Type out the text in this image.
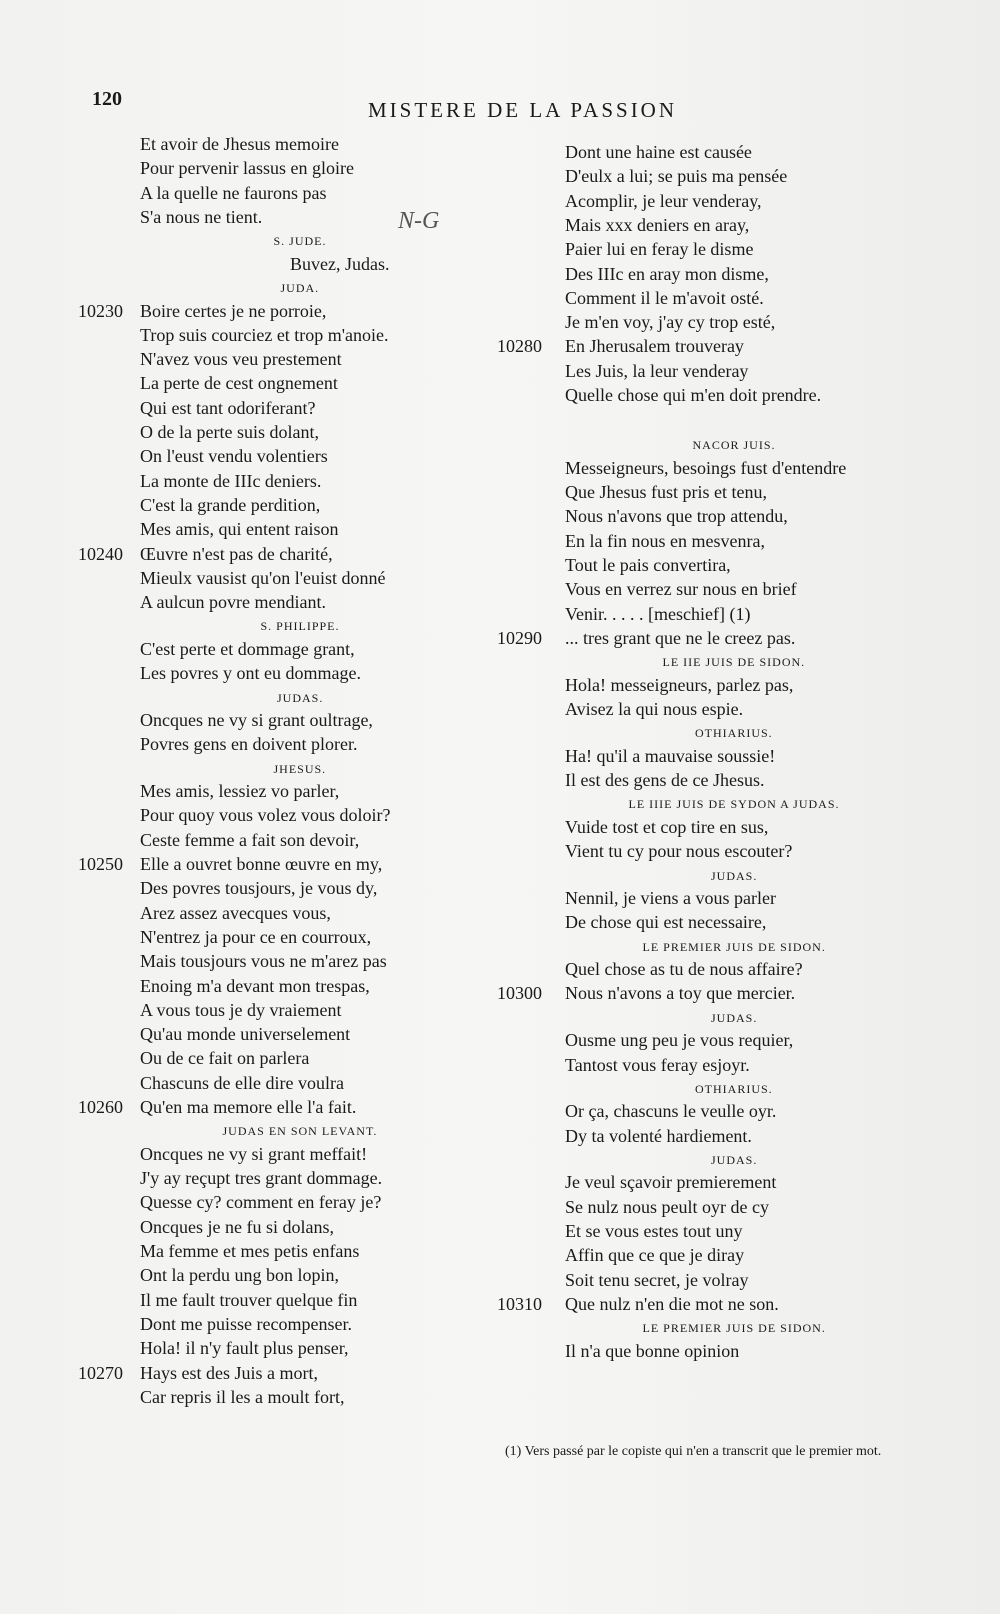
120	MISTERE DE LA PASSION
N-G
Et avoir de Jhesus memoire
Pour pervenir lassus en gloire
A la quelle ne faurons pas
S'a nous ne tient.
S. JUDE.
Buvez, Judas.
JUDA.
10230 Boire certes je ne porroie,
Trop suis courciez et trop m'anoie.
N'avez vous veu prestement
La perte de cest ongnement
Qui est tant odoriferant?
O de la perte suis dolant,
On l'eust vendu volentiers
La monte de IIIc deniers.
C'est la grande perdition,
Mes amis, qui entent raison
10240 Œuvre n'est pas de charité,
Mieulx vausist qu'on l'euist donné
A aulcun povre mendiant.
S. PHILIPPE.
C'est perte et dommage grant,
Les povres y ont eu dommage.
JUDAS.
Oncques ne vy si grant oultrage,
Povres gens en doivent plorer.
JHESUS.
Mes amis, lessiez vo parler,
Pour quoy vous volez vous doloir?
Ceste femme a fait son devoir,
10250 Elle a ouvret bonne œuvre en my,
Des povres tousjours, je vous dy,
Arez assez avecques vous,
N'entrez ja pour ce en courroux,
Mais tousjours vous ne m'arez pas
Enoing m'a devant mon trespas,
A vous tous je dy vraiement
Qu'au monde universelement
Ou de ce fait on parlera
Chascuns de elle dire voulra
10260 Qu'en ma memore elle l'a fait.
JUDAS EN SON LEVANT.
Oncques ne vy si grant meffait!
J'y ay reçupt tres grant dommage.
Quesse cy? comment en feray je?
Oncques je ne fu si dolans,
Ma femme et mes petis enfans
Ont la perdu ung bon lopin,
Il me fault trouver quelque fin
Dont me puisse recompenser.
Hola! il n'y fault plus penser,
10270 Hays est des Juis a mort,
Car repris il les a moult fort,
Dont une haine est causée
D'eulx a lui; se puis ma pensée
Acomplir, je leur venderay,
Mais xxx deniers en aray,
Paier lui en feray le disme
Des IIIc en aray mon disme,
Comment il le m'avoit osté.
Je m'en voy, j'ay cy trop esté,
10280 En Jherusalem trouveray
Les Juis, la leur venderay
Quelle chose qui m'en doit prendre.
NACOR JUIS.
Messeigneurs, besoings fust d'entendre
Que Jhesus fust pris et tenu,
Nous n'avons que trop attendu,
En la fin nous en mesvenra,
Tout le pais convertira,
Vous en verrez sur nous en brief
Venir. . . . . [meschief] (1)
10290 ... tres grant que ne le creez pas.
LE IIE JUIS DE SIDON.
Hola! messeigneurs, parlez pas,
Avisez la qui nous espie.
OTHIARIUS.
Ha! qu'il a mauvaise soussie!
Il est des gens de ce Jhesus.
LE IIIE JUIS DE SYDON A JUDAS.
Vuide tost et cop tire en sus,
Vient tu cy pour nous escouter?
JUDAS.
Nennil, je viens a vous parler
De chose qui est necessaire,
LE PREMIER JUIS DE SIDON.
Quel chose as tu de nous affaire?
10300 Nous n'avons a toy que mercier.
JUDAS.
Ousme ung peu je vous requier,
Tantost vous feray esjoyr.
OTHIARIUS.
Or ça, chascuns le veulle oyr.
Dy ta volenté hardiement.
JUDAS.
Je veul sçavoir premierement
Se nulz nous peult oyr de cy
Et se vous estes tout uny
Affin que ce que je diray
Soit tenu secret, je volray
10310 Que nulz n'en die mot ne son.
LE PREMIER JUIS DE SIDON.
Il n'a que bonne opinion
(1) Vers passé par le copiste qui n'en a transcrit que le premier mot.
